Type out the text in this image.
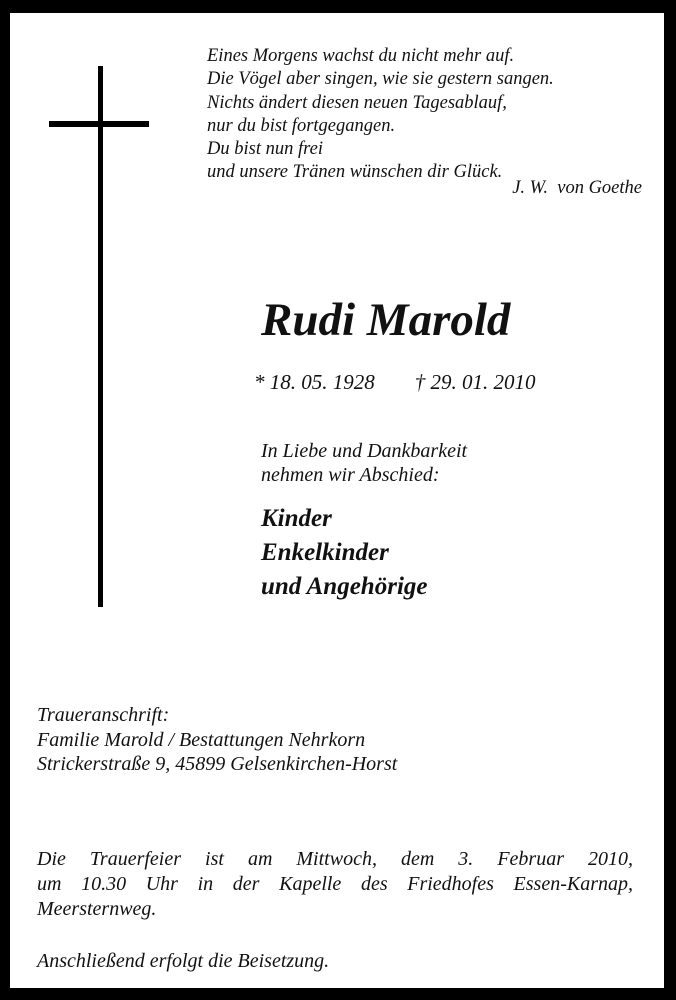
Eines Morgens wachst du nicht mehr auf.
Die Vögel aber singen, wie sie gestern sangen.
Nichts ändert diesen neuen Tagesablauf,
nur du bist fortgegangen.
Du bist nun frei
und unsere Tränen wünschen dir Glück.
J. W.  von Goethe
Rudi Marold
* 18. 05. 1928 † 29. 01. 2010
In Liebe und Dankbarkeit
nehmen wir Abschied:
Kinder
Enkelkinder
und Angehörige
Traueranschrift:
Familie Marold / Bestattungen Nehrkorn
Strickerstraße 9, 45899 Gelsenkirchen-Horst
Die Trauerfeier ist am Mittwoch, dem 3. Februar 2010,
um 10.30 Uhr in der Kapelle des Friedhofes Essen-Karnap,
Meersternweg.
Anschließend erfolgt die Beisetzung.
